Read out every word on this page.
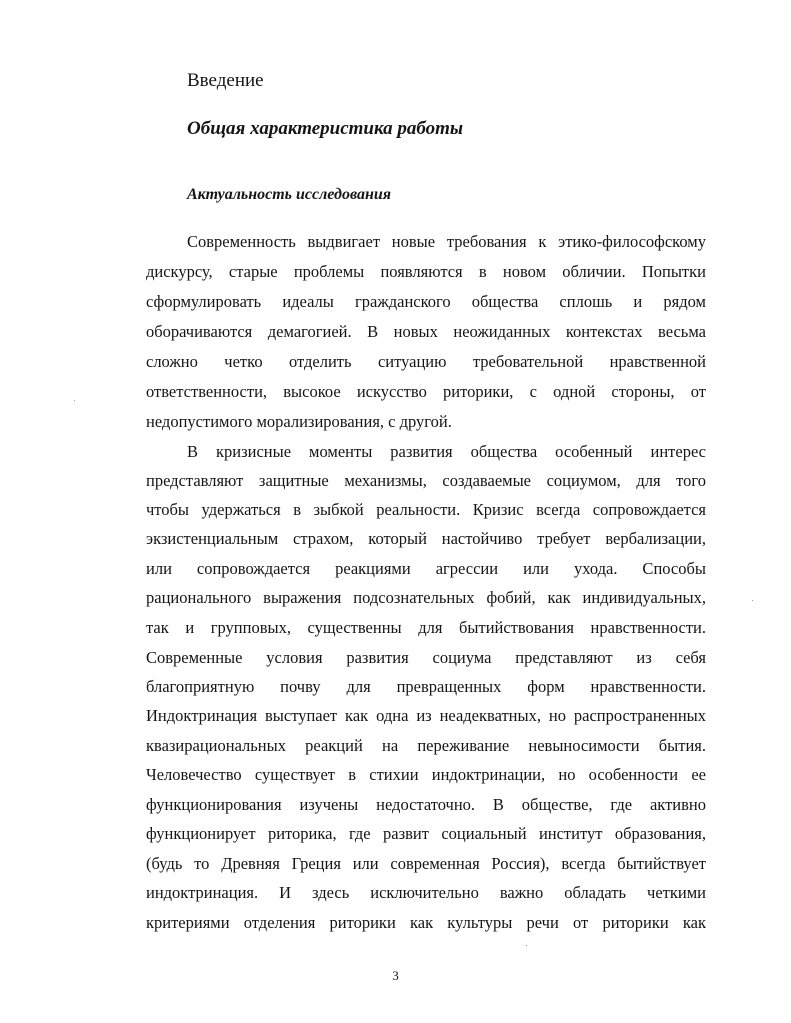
Введение
Общая характеристика работы
Актуальность исследования
Современность выдвигает новые требования к этико-философскому
дискурсу, старые проблемы появляются в новом обличии. Попытки
сформулировать идеалы гражданского общества сплошь и рядом
оборачиваются демагогией. В новых неожиданных контекстах весьма
сложно четко отделить ситуацию требовательной нравственной
ответственности, высокое искусство риторики, с одной стороны, от
недопустимого морализирования, с другой.
В кризисные моменты развития общества особенный интерес
представляют защитные механизмы, создаваемые социумом, для того
чтобы удержаться в зыбкой реальности. Кризис всегда сопровождается
экзистенциальным страхом, который настойчиво требует вербализации,
или сопровождается реакциями агрессии или ухода. Способы
рационального выражения подсознательных фобий, как индивидуальных,
так и групповых, существенны для бытийствования нравственности.
Современные условия развития социума представляют из себя
благоприятную почву для превращенных форм нравственности.
Индоктринация выступает как одна из неадекватных, но распространенных
квазирациональных реакций на переживание невыносимости бытия.
Человечество существует в стихии индоктринации, но особенности ее
функционирования изучены недостаточно. В обществе, где активно
функционирует риторика, где развит социальный институт образования,
(будь то Древняя Греция или современная Россия), всегда бытийствует
индоктринация. И здесь исключительно важно обладать четкими
критериями отделения риторики как культуры речи от риторики как
3
